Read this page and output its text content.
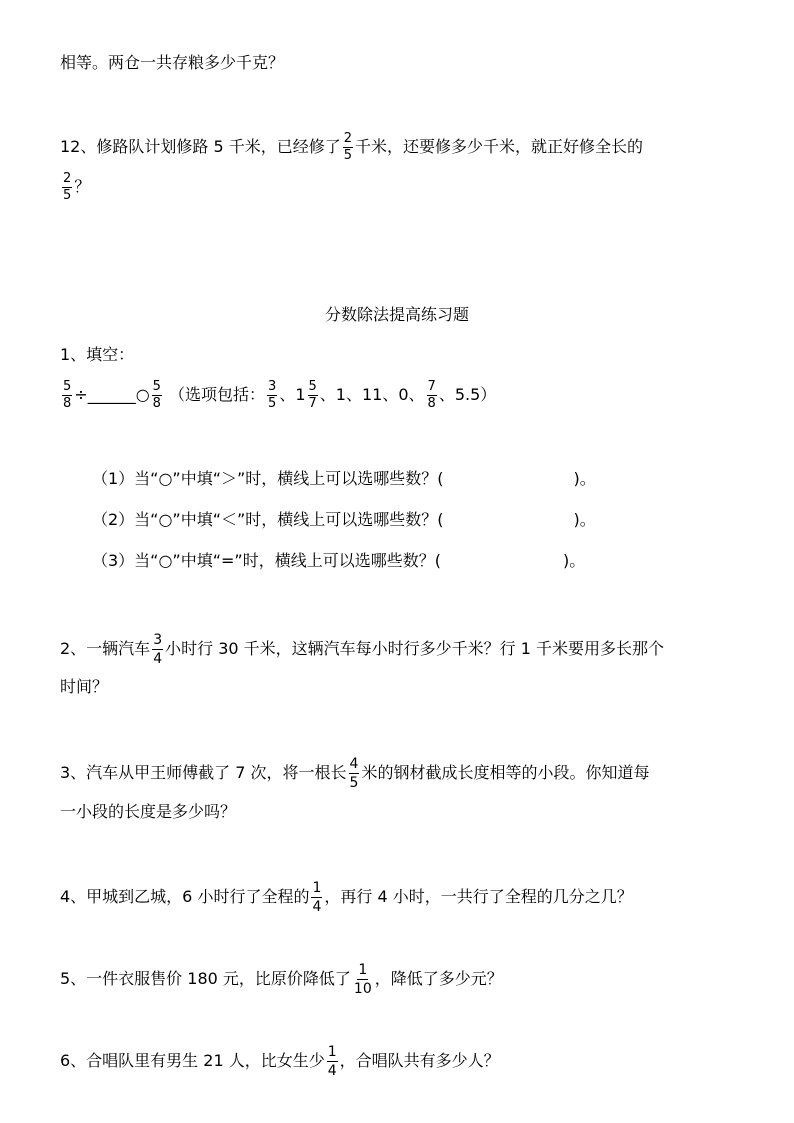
相等。两仓一共存粮多少千克？
12、修路队计划修路 5 千米，已经修了 $\frac{2}{5}$ 千米，还要修多少千米，就正好修全长的
$\frac{2}{5}$ ？
分数除法提高练习题
1、填空：
$\frac{5}{8}$ ÷______○ $\frac{5}{8}$ （选项包括： $\frac{3}{5}$ 、$1 \frac{5}{7}$ 、1、11、0、 $\frac{7}{8}$ 、5.5）
（1）当“○”中填“＞”时，横线上可以选哪些数？(	)。
（2）当“○”中填“＜”时，横线上可以选哪些数？(	)。
（3）当“○”中填“=”时，横线上可以选哪些数？(	)。
2、一辆汽车 $\frac{3}{4}$ 小时行 30 千米，这辆汽车每小时行多少千米？行 1 千米要用多长那个
时间？
3、汽车从甲王师傅截了 7 次，将一根长 $\frac{4}{5}$ 米的钢材截成长度相等的小段。你知道每
一小段的长度是多少吗？
4、甲城到乙城，6 小时行了全程的 $\frac{1}{4}$ ，再行 4 小时，一共行了全程的几分之几？
5、一件衣服售价 180 元，比原价降低了 $\frac{1}{10}$ ，降低了多少元？
6、合唱队里有男生 21 人，比女生少 $\frac{1}{4}$ ，合唱队共有多少人？
